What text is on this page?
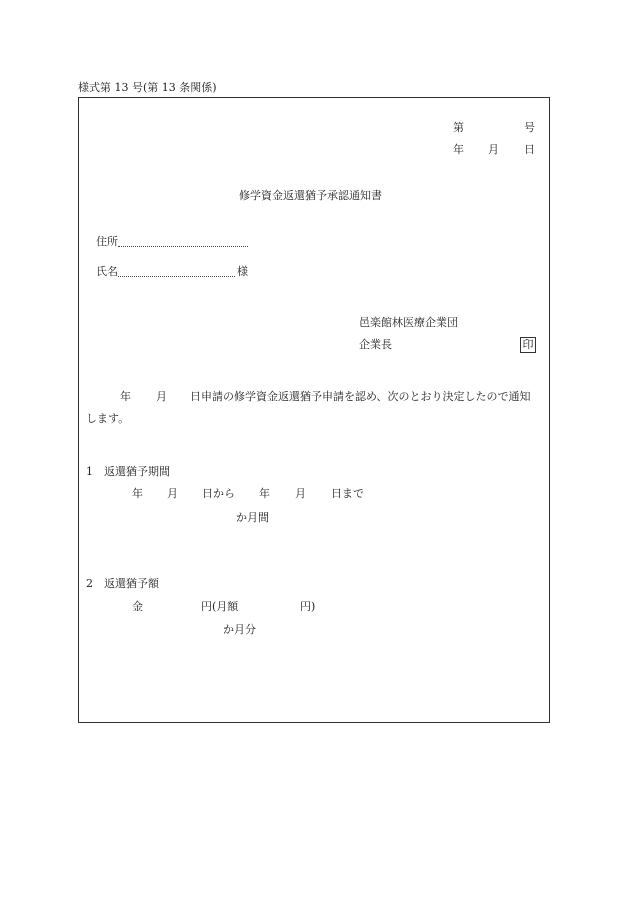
様式第 13 号(第 13 条関係)
第	号
年 月 日
修学資金返還猶予承認通知書
住所
氏名	様
邑楽館林医療企業団
企業長	印
年 月 日申請の修学資金返還猶予申請を認め、次のとおり決定したので通知
します。
1　返還猶予期間
年 月 日から 年 月 日まで
か月間
2　返還猶予額
金	円(月額	円)
か月分
